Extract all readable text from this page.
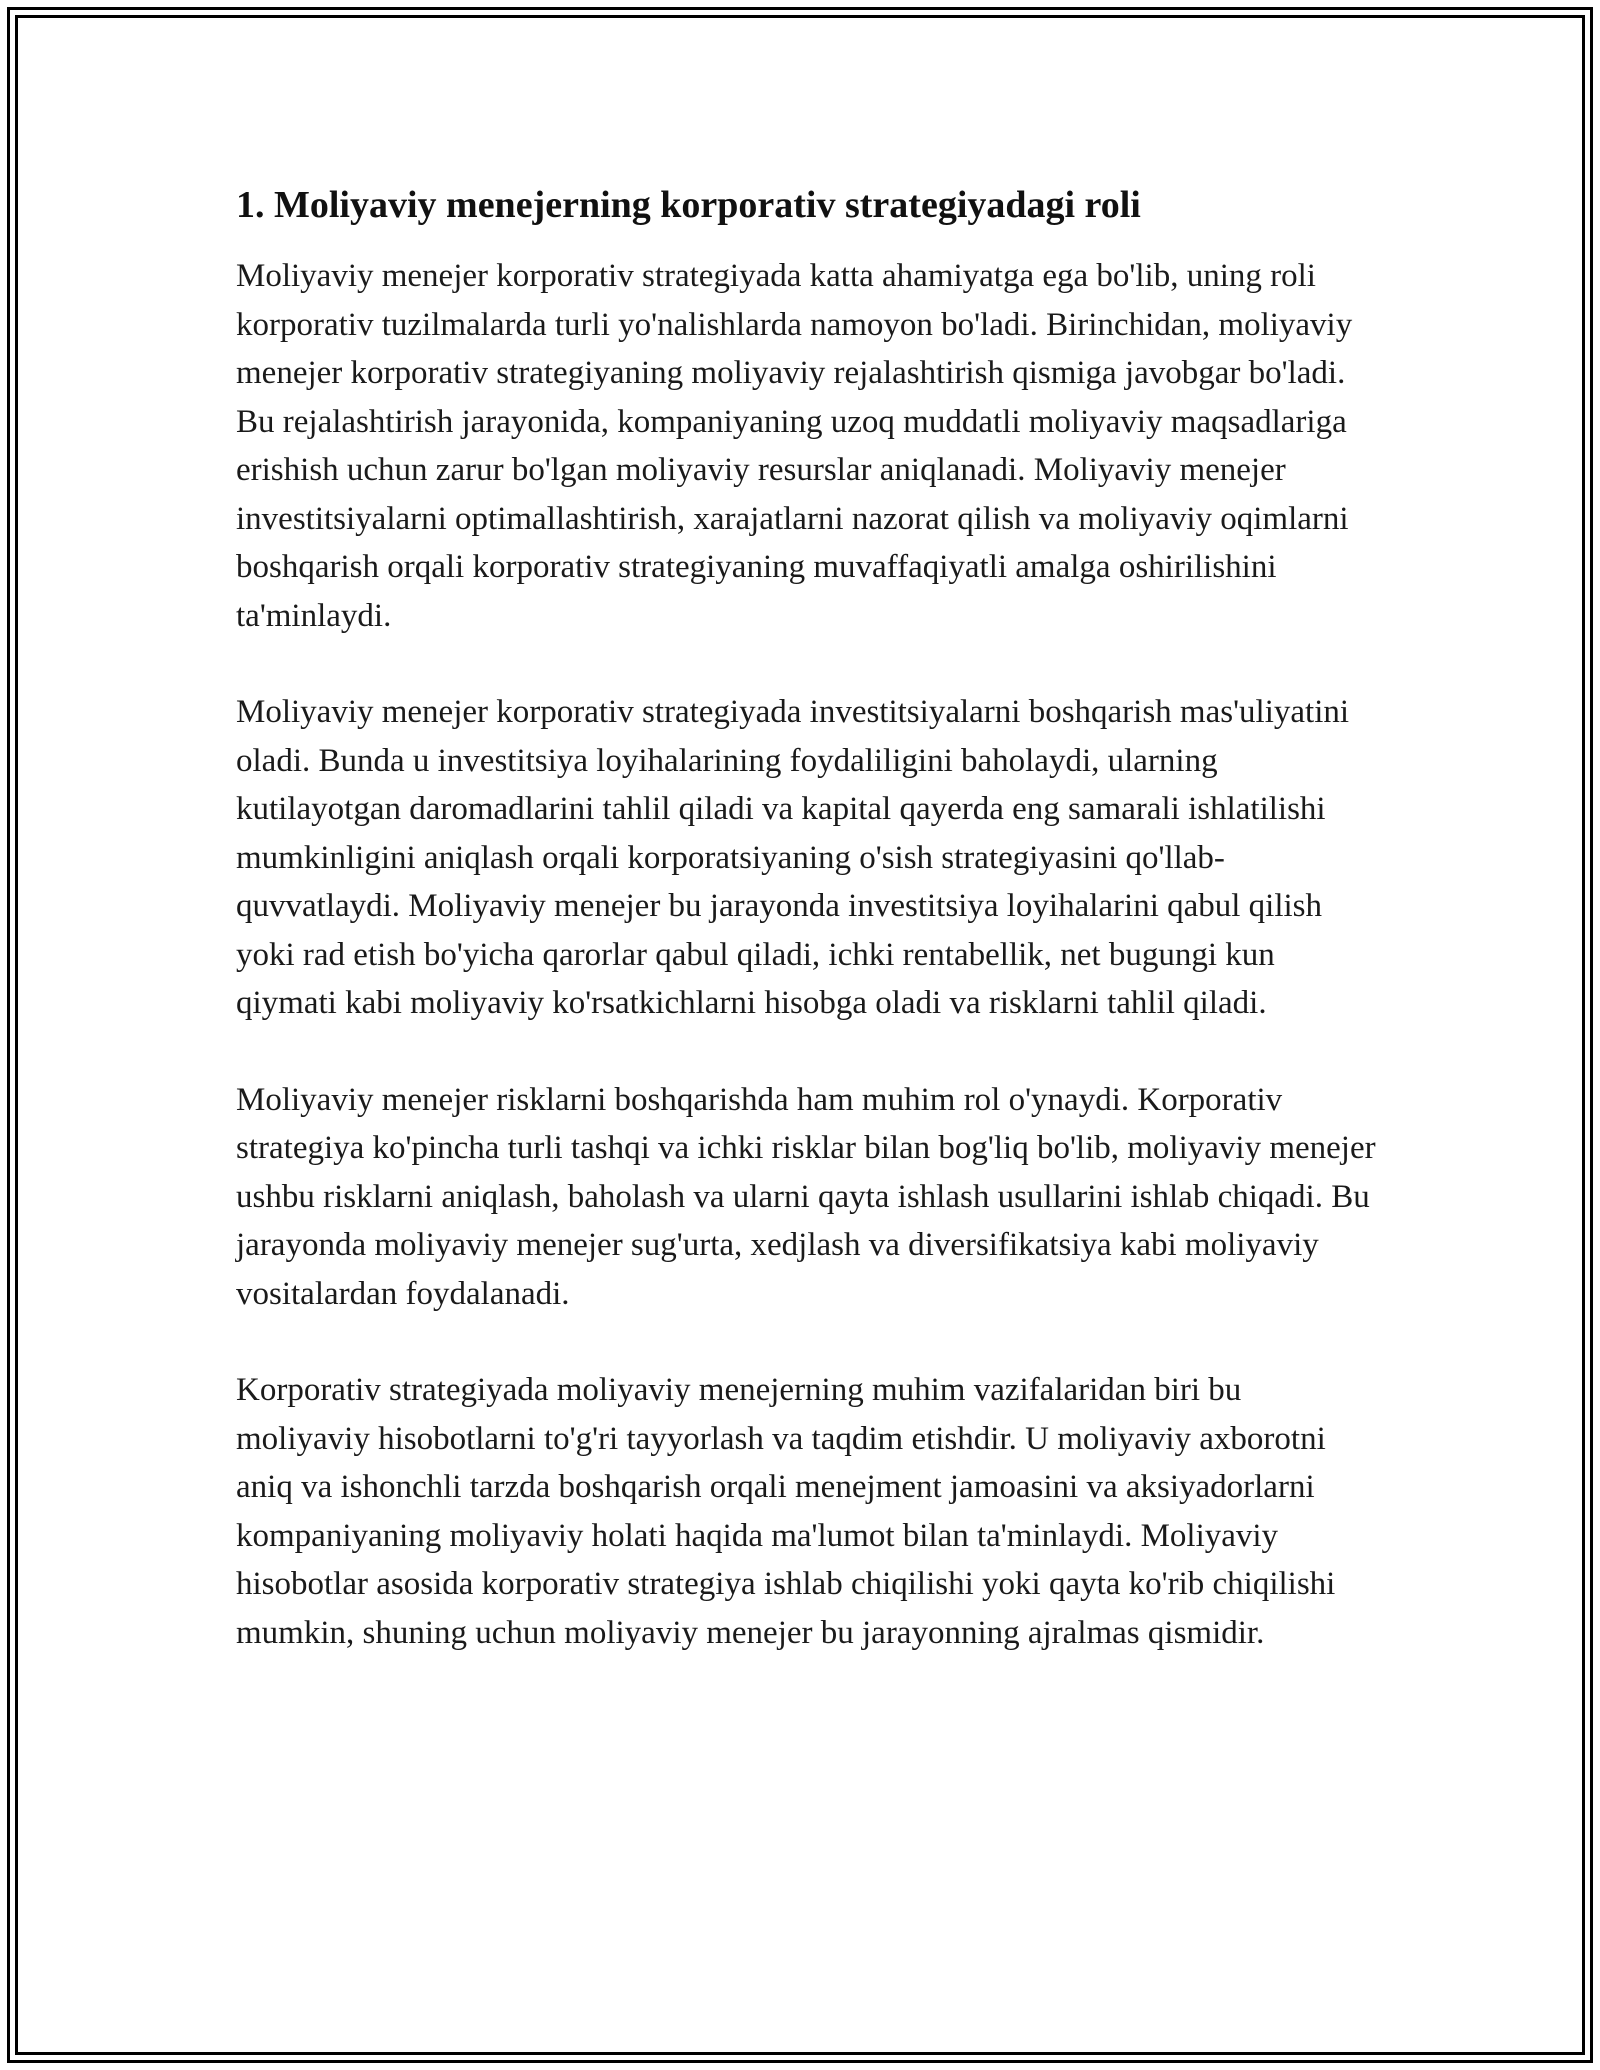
1. Moliyaviy menejerning korporativ strategiyadagi roli

Moliyaviy menejer korporativ strategiyada katta ahamiyatga ega bo'lib, uning roli korporativ tuzilmalarda turli yo'nalishlarda namoyon bo'ladi. Birinchidan, moliyaviy menejer korporativ strategiyaning moliyaviy rejalashtirish qismiga javobgar bo'ladi. Bu rejalashtirish jarayonida, kompaniyaning uzoq muddatli moliyaviy maqsadlariga erishish uchun zarur bo'lgan moliyaviy resurslar aniqlanadi. Moliyaviy menejer investitsiyalarni optimallashtirish, xarajatlarni nazorat qilish va moliyaviy oqimlarni boshqarish orqali korporativ strategiyaning muvaffaqiyatli amalga oshirilishini ta'minlaydi.

Moliyaviy menejer korporativ strategiyada investitsiyalarni boshqarish mas'uliyatini oladi. Bunda u investitsiya loyihalarining foydaliligini baholaydi, ularning kutilayotgan daromadlarini tahlil qiladi va kapital qayerda eng samarali ishlatilishi mumkinligini aniqlash orqali korporatsiyaning o'sish strategiyasini qo'llab-quvvatlaydi. Moliyaviy menejer bu jarayonda investitsiya loyihalarini qabul qilish yoki rad etish bo'yicha qarorlar qabul qiladi, ichki rentabellik, net bugungi kun qiymati kabi moliyaviy ko'rsatkichlarni hisobga oladi va risklarni tahlil qiladi.

Moliyaviy menejer risklarni boshqarishda ham muhim rol o'ynaydi. Korporativ strategiya ko'pincha turli tashqi va ichki risklar bilan bog'liq bo'lib, moliyaviy menejer ushbu risklarni aniqlash, baholash va ularni qayta ishlash usullarini ishlab chiqadi. Bu jarayonda moliyaviy menejer sug'urta, xedjlash va diversifikatsiya kabi moliyaviy vositalardan foydalanadi.

Korporativ strategiyada moliyaviy menejerning muhim vazifalaridan biri bu moliyaviy hisobotlarni to'g'ri tayyorlash va taqdim etishdir. U moliyaviy axborotni aniq va ishonchli tarzda boshqarish orqali menejment jamoasini va aksiyadorlarni kompaniyaning moliyaviy holati haqida ma'lumot bilan ta'minlaydi. Moliyaviy hisobotlar asosida korporativ strategiya ishlab chiqilishi yoki qayta ko'rib chiqilishi mumkin, shuning uchun moliyaviy menejer bu jarayonning ajralmas qismidir.
